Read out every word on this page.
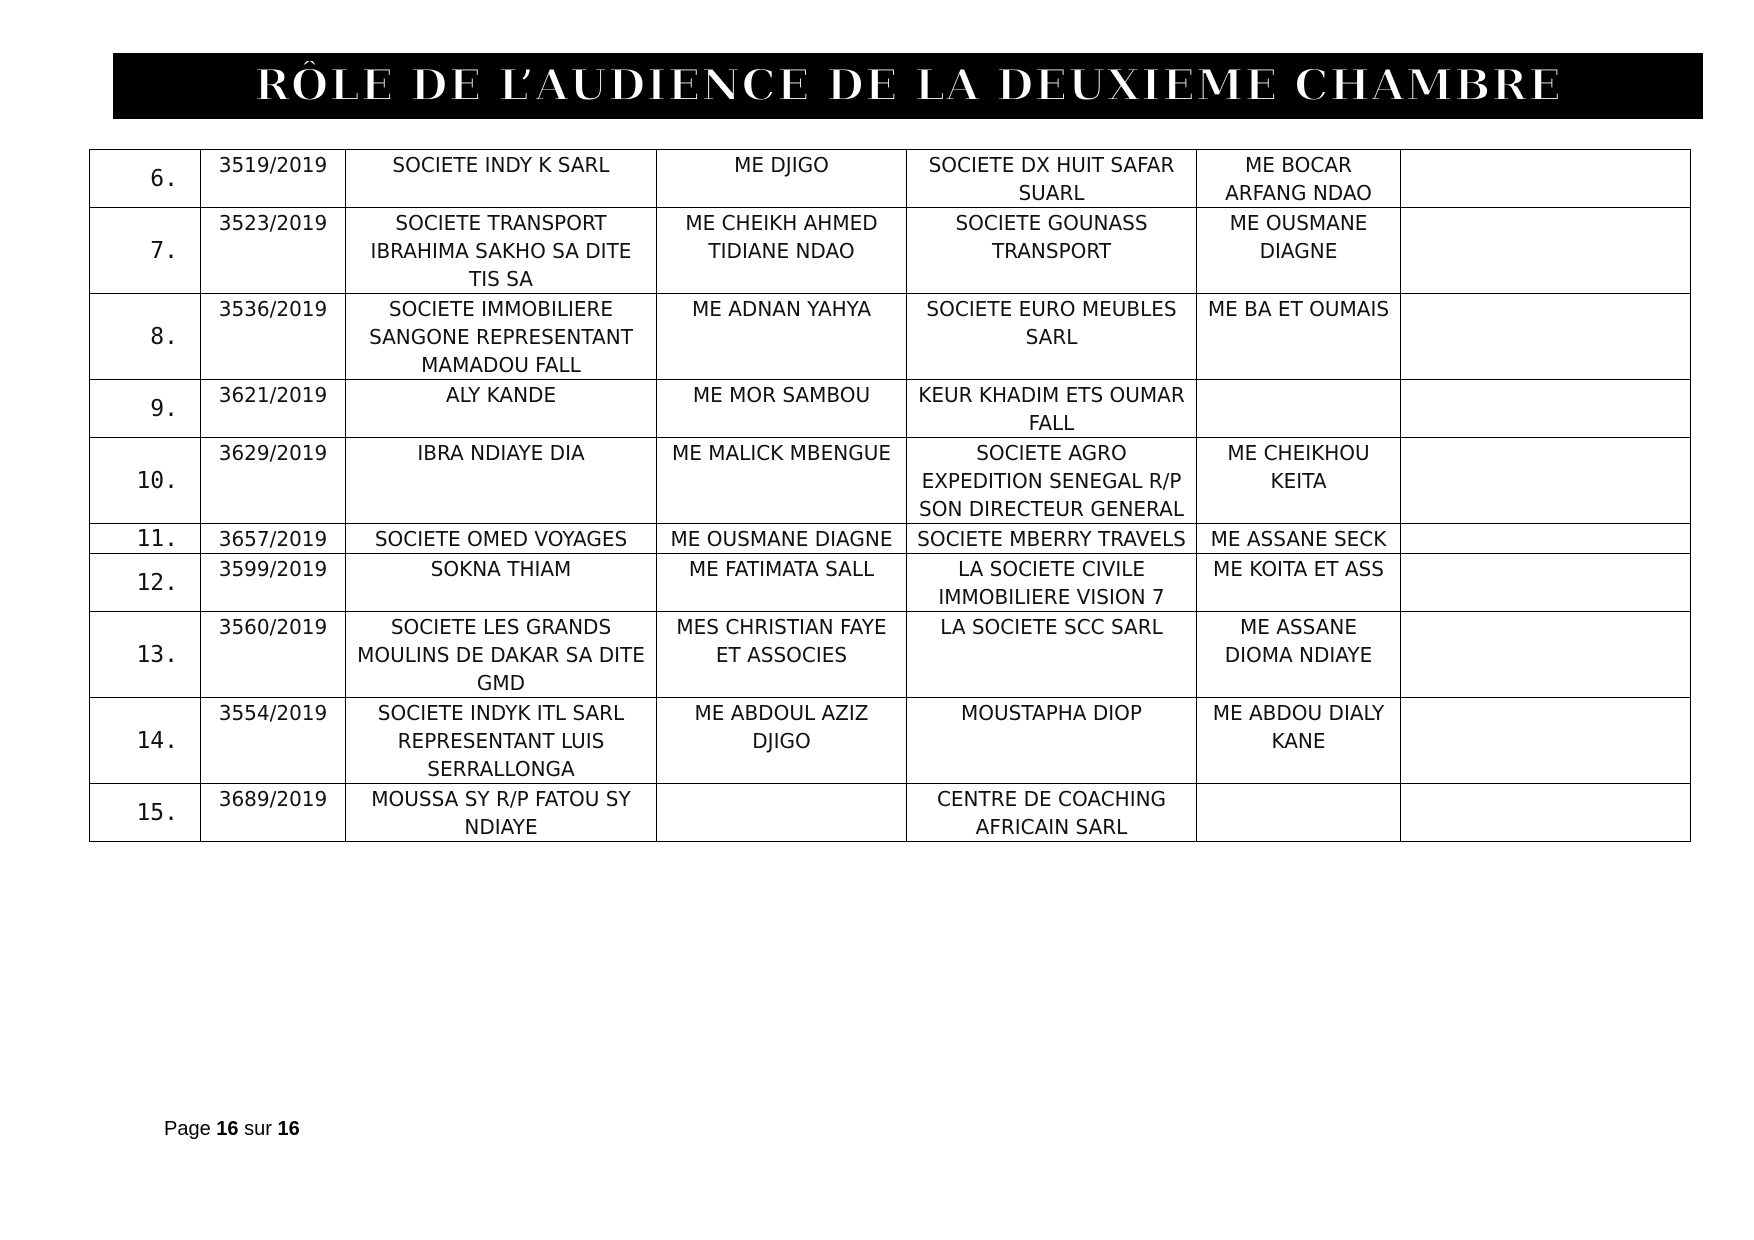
RÔLE DE L’AUDIENCE DE LA DEUXIEME CHAMBRE
6.	3519/2019	SOCIETE INDY K SARL	ME DJIGO	SOCIETE DX HUIT SAFAR SUARL	ME BOCAR ARFANG NDAO	
7.	3523/2019	SOCIETE TRANSPORT IBRAHIMA SAKHO SA DITE TIS SA	ME CHEIKH AHMED TIDIANE NDAO	SOCIETE GOUNASS TRANSPORT	ME OUSMANE DIAGNE	
8.	3536/2019	SOCIETE IMMOBILIERE SANGONE REPRESENTANT MAMADOU FALL	ME ADNAN YAHYA	SOCIETE EURO MEUBLES SARL	ME BA ET OUMAIS	
9.	3621/2019	ALY KANDE	ME MOR SAMBOU	KEUR KHADIM ETS OUMAR FALL		
10.	3629/2019	IBRA NDIAYE DIA	ME MALICK MBENGUE	SOCIETE AGRO EXPEDITION SENEGAL R/P SON DIRECTEUR GENERAL	ME CHEIKHOU KEITA	
11.	3657/2019	SOCIETE OMED VOYAGES	ME OUSMANE DIAGNE	SOCIETE MBERRY TRAVELS	ME ASSANE SECK	
12.	3599/2019	SOKNA THIAM	ME FATIMATA SALL	LA SOCIETE CIVILE IMMOBILIERE VISION 7	ME KOITA ET ASS	
13.	3560/2019	SOCIETE LES GRANDS MOULINS DE DAKAR SA DITE GMD	MES CHRISTIAN FAYE ET ASSOCIES	LA SOCIETE SCC SARL	ME ASSANE DIOMA NDIAYE	
14.	3554/2019	SOCIETE INDYK ITL SARL REPRESENTANT LUIS SERRALLONGA	ME ABDOUL AZIZ DJIGO	MOUSTAPHA DIOP	ME ABDOU DIALY KANE	
15.	3689/2019	MOUSSA SY R/P FATOU SY NDIAYE		CENTRE DE COACHING AFRICAIN SARL		
Page 16 sur 16
